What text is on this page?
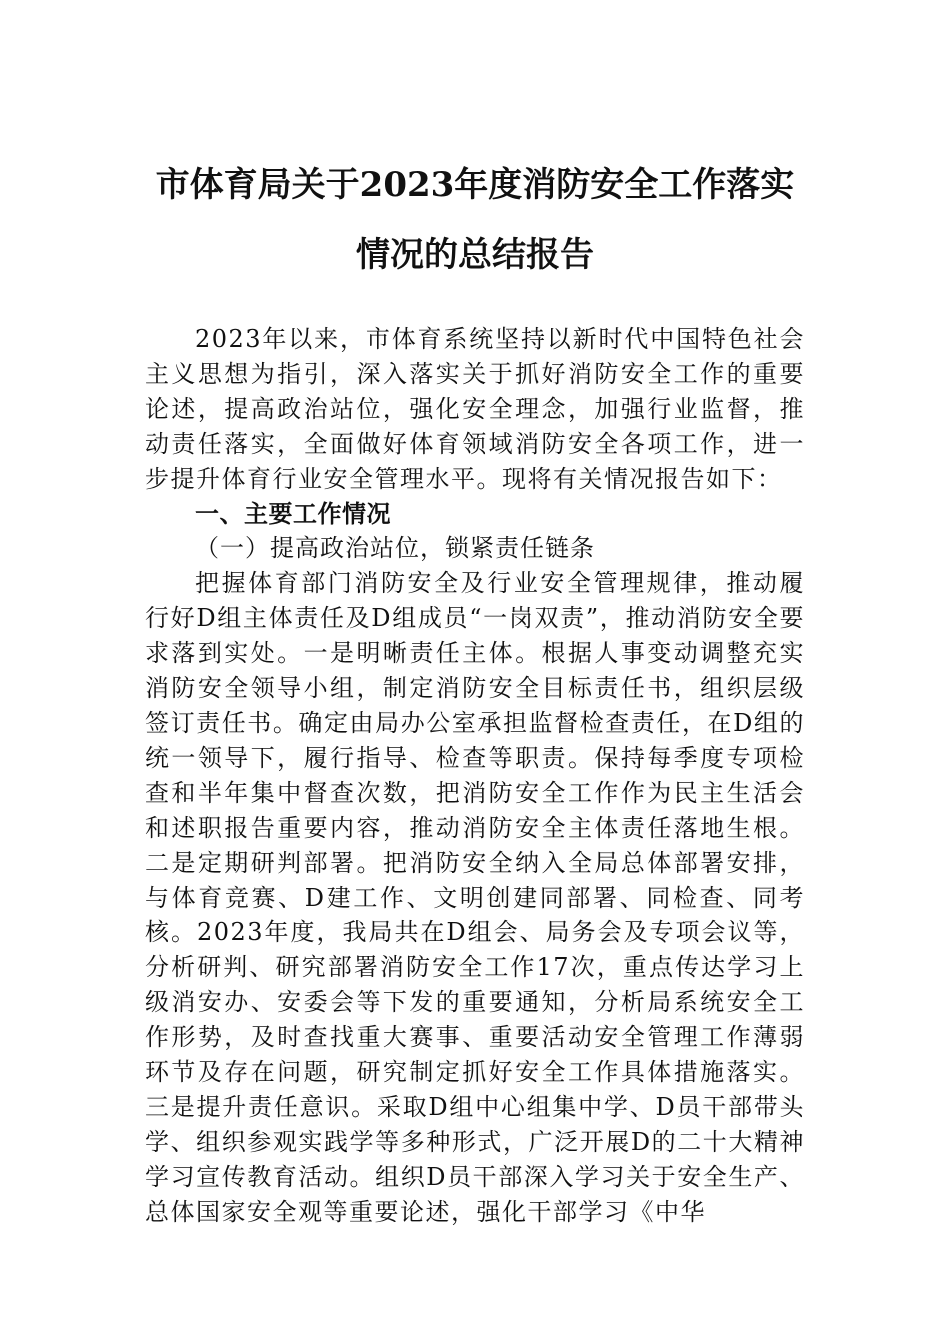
市体育局关于2023年度消防安全工作落实情况的总结报告

2023年以来，市体育系统坚持以新时代中国特色社会主义思想为指引，深入落实关于抓好消防安全工作的重要论述，提高政治站位，强化安全理念，加强行业监督，推动责任落实，全面做好体育领域消防安全各项工作，进一步提升体育行业安全管理水平。现将有关情况报告如下：

一、主要工作情况

（一）提高政治站位，锁紧责任链条

把握体育部门消防安全及行业安全管理规律，推动履行好D组主体责任及D组成员“一岗双责”，推动消防安全要求落到实处。一是明晰责任主体。根据人事变动调整充实消防安全领导小组，制定消防安全目标责任书，组织层级签订责任书。确定由局办公室承担监督检查责任，在D组的统一领导下，履行指导、检查等职责。保持每季度专项检查和半年集中督查次数，把消防安全工作作为民主生活会和述职报告重要内容，推动消防安全主体责任落地生根。二是定期研判部署。把消防安全纳入全局总体部署安排，与体育竞赛、D建工作、文明创建同部署、同检查、同考核。2023年度，我局共在D组会、局务会及专项会议等，分析研判、研究部署消防安全工作17次，重点传达学习上级消安办、安委会等下发的重要通知，分析局系统安全工作形势，及时查找重大赛事、重要活动安全管理工作薄弱环节及存在问题，研究制定抓好安全工作具体措施落实。三是提升责任意识。采取D组中心组集中学、D员干部带头学、组织参观实践学等多种形式，广泛开展D的二十大精神学习宣传教育活动。组织D员干部深入学习关于安全生产、总体国家安全观等重要论述，强化干部学习《中华
